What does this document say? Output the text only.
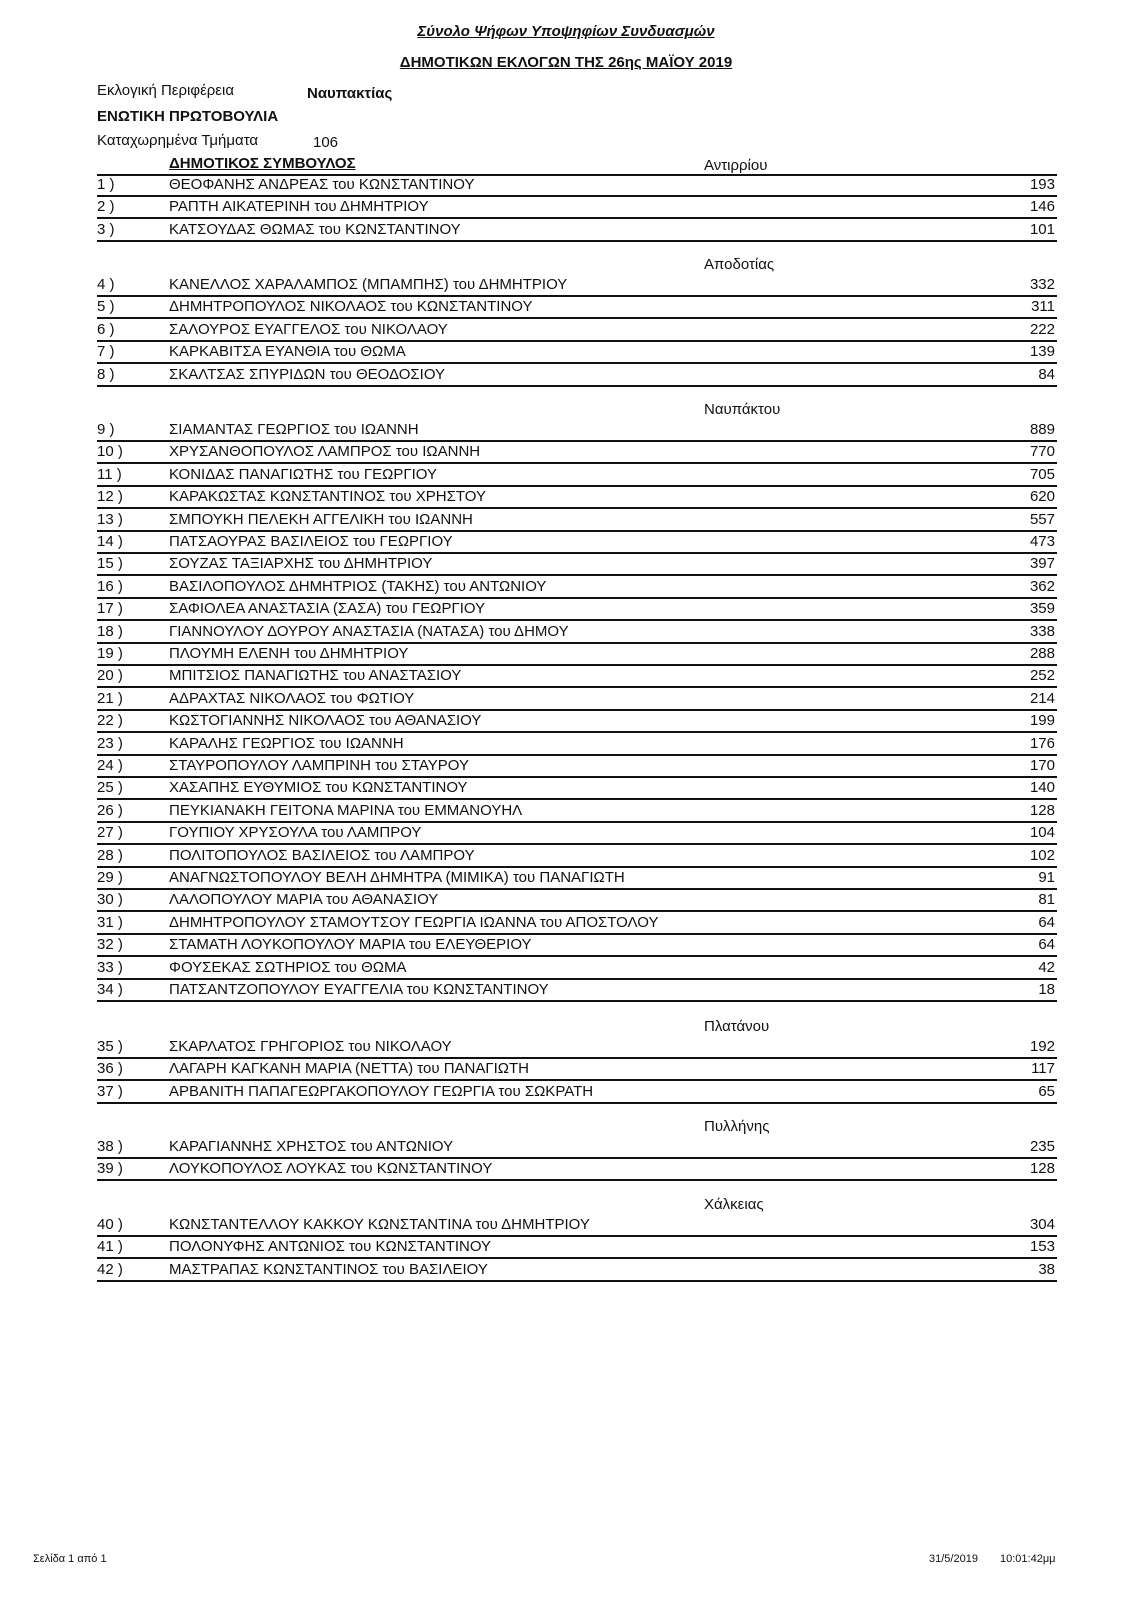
Σύνολο Ψήφων Υποψηφίων Συνδυασμών
ΔΗΜΟΤΙΚΩΝ ΕΚΛΟΓΩΝ ΤΗΣ 26ης ΜΑΪΟΥ 2019
Εκλογική Περιφέρεια	Ναυπακτίας
ΕΝΩΤΙΚΗ ΠΡΩΤΟΒΟΥΛΙΑ
Καταχωρημένα Τμήματα	106
ΔΗΜΟΤΙΚΟΣ ΣΥΜΒΟΥΛΟΣ	Αντιρρίου
1 )	ΘΕΟΦΑΝΗΣ ΑΝΔΡΕΑΣ του ΚΩΝΣΤΑΝΤΙΝΟΥ	193
2 )	ΡΑΠΤΗ ΑΙΚΑΤΕΡΙΝΗ του ΔΗΜΗΤΡΙΟΥ	146
3 )	ΚΑΤΣΟΥΔΑΣ ΘΩΜΑΣ του ΚΩΝΣΤΑΝΤΙΝΟΥ	101
Αποδοτίας
4 )	ΚΑΝΕΛΛΟΣ ΧΑΡΑΛΑΜΠΟΣ (ΜΠΑΜΠΗΣ) του ΔΗΜΗΤΡΙΟΥ	332
5 )	ΔΗΜΗΤΡΟΠΟΥΛΟΣ ΝΙΚΟΛΑΟΣ του ΚΩΝΣΤΑΝΤΙΝΟΥ	311
6 )	ΣΑΛΟΥΡΟΣ ΕΥΑΓΓΕΛΟΣ του ΝΙΚΟΛΑΟΥ	222
7 )	ΚΑΡΚΑΒΙΤΣΑ ΕΥΑΝΘΙΑ του ΘΩΜΑ	139
8 )	ΣΚΑΛΤΣΑΣ ΣΠΥΡΙΔΩΝ του ΘΕΟΔΟΣΙΟΥ	84
Ναυπάκτου
9 )	ΣΙΑΜΑΝΤΑΣ ΓΕΩΡΓΙΟΣ του ΙΩΑΝΝΗ	889
10 )	ΧΡΥΣΑΝΘΟΠΟΥΛΟΣ ΛΑΜΠΡΟΣ του ΙΩΑΝΝΗ	770
11 )	ΚΟΝΙΔΑΣ ΠΑΝΑΓΙΩΤΗΣ του ΓΕΩΡΓΙΟΥ	705
12 )	ΚΑΡΑΚΩΣΤΑΣ ΚΩΝΣΤΑΝΤΙΝΟΣ του ΧΡΗΣΤΟΥ	620
13 )	ΣΜΠΟΥΚΗ ΠΕΛΕΚΗ ΑΓΓΕΛΙΚΗ του ΙΩΑΝΝΗ	557
14 )	ΠΑΤΣΑΟΥΡΑΣ ΒΑΣΙΛΕΙΟΣ του ΓΕΩΡΓΙΟΥ	473
15 )	ΣΟΥΖΑΣ ΤΑΞΙΑΡΧΗΣ του ΔΗΜΗΤΡΙΟΥ	397
16 )	ΒΑΣΙΛΟΠΟΥΛΟΣ ΔΗΜΗΤΡΙΟΣ (ΤΑΚΗΣ) του ΑΝΤΩΝΙΟΥ	362
17 )	ΣΑΦΙΟΛΕΑ ΑΝΑΣΤΑΣΙΑ (ΣΑΣΑ) του ΓΕΩΡΓΙΟΥ	359
18 )	ΓΙΑΝΝΟΥΛΟΥ ΔΟΥΡΟΥ ΑΝΑΣΤΑΣΙΑ (ΝΑΤΑΣΑ) του ΔΗΜΟΥ	338
19 )	ΠΛΟΥΜΗ ΕΛΕΝΗ του ΔΗΜΗΤΡΙΟΥ	288
20 )	ΜΠΙΤΣΙΟΣ ΠΑΝΑΓΙΩΤΗΣ του ΑΝΑΣΤΑΣΙΟΥ	252
21 )	ΑΔΡΑΧΤΑΣ ΝΙΚΟΛΑΟΣ του ΦΩΤΙΟΥ	214
22 )	ΚΩΣΤΟΓΙΑΝΝΗΣ ΝΙΚΟΛΑΟΣ του ΑΘΑΝΑΣΙΟΥ	199
23 )	ΚΑΡΑΛΗΣ ΓΕΩΡΓΙΟΣ του ΙΩΑΝΝΗ	176
24 )	ΣΤΑΥΡΟΠΟΥΛΟΥ ΛΑΜΠΡΙΝΗ του ΣΤΑΥΡΟΥ	170
25 )	ΧΑΣΑΠΗΣ ΕΥΘΥΜΙΟΣ του ΚΩΝΣΤΑΝΤΙΝΟΥ	140
26 )	ΠΕΥΚΙΑΝΑΚΗ ΓΕΙΤΟΝΑ ΜΑΡΙΝΑ του ΕΜΜΑΝΟΥΗΛ	128
27 )	ΓΟΥΠΙΟΥ ΧΡΥΣΟΥΛΑ του ΛΑΜΠΡΟΥ	104
28 )	ΠΟΛΙΤΟΠΟΥΛΟΣ ΒΑΣΙΛΕΙΟΣ του ΛΑΜΠΡΟΥ	102
29 )	ΑΝΑΓΝΩΣΤΟΠΟΥΛΟΥ ΒΕΛΗ ΔΗΜΗΤΡΑ (ΜΙΜΙΚΑ) του ΠΑΝΑΓΙΩΤΗ	91
30 )	ΛΑΛΟΠΟΥΛΟΥ ΜΑΡΙΑ του ΑΘΑΝΑΣΙΟΥ	81
31 )	ΔΗΜΗΤΡΟΠΟΥΛΟΥ ΣΤΑΜΟΥΤΣΟΥ ΓΕΩΡΓΙΑ ΙΩΑΝΝΑ του ΑΠΟΣΤΟΛΟΥ	64
32 )	ΣΤΑΜΑΤΗ ΛΟΥΚΟΠΟΥΛΟΥ ΜΑΡΙΑ του ΕΛΕΥΘΕΡΙΟΥ	64
33 )	ΦΟΥΣΕΚΑΣ ΣΩΤΗΡΙΟΣ του ΘΩΜΑ	42
34 )	ΠΑΤΣΑΝΤΖΟΠΟΥΛΟΥ ΕΥΑΓΓΕΛΙΑ του ΚΩΝΣΤΑΝΤΙΝΟΥ	18
Πλατάνου
35 )	ΣΚΑΡΛΑΤΟΣ ΓΡΗΓΟΡΙΟΣ του ΝΙΚΟΛΑΟΥ	192
36 )	ΛΑΓΑΡΗ ΚΑΓΚΑΝΗ ΜΑΡΙΑ (ΝΕΤΤΑ) του ΠΑΝΑΓΙΩΤΗ	117
37 )	ΑΡΒΑΝΙΤΗ ΠΑΠΑΓΕΩΡΓΑΚΟΠΟΥΛΟΥ ΓΕΩΡΓΙΑ του ΣΩΚΡΑΤΗ	65
Πυλλήνης
38 )	ΚΑΡΑΓΙΑΝΝΗΣ ΧΡΗΣΤΟΣ του ΑΝΤΩΝΙΟΥ	235
39 )	ΛΟΥΚΟΠΟΥΛΟΣ ΛΟΥΚΑΣ του ΚΩΝΣΤΑΝΤΙΝΟΥ	128
Χάλκειας
40 )	ΚΩΝΣΤΑΝΤΕΛΛΟΥ ΚΑΚΚΟΥ ΚΩΝΣΤΑΝΤΙΝΑ του ΔΗΜΗΤΡΙΟΥ	304
41 )	ΠΟΛΟΝΥΦΗΣ ΑΝΤΩΝΙΟΣ του ΚΩΝΣΤΑΝΤΙΝΟΥ	153
42 )	ΜΑΣΤΡΑΠΑΣ ΚΩΝΣΤΑΝΤΙΝΟΣ του ΒΑΣΙΛΕΙΟΥ	38
Σελίδα 1 από 1	31/5/2019 10:01:42μμ
